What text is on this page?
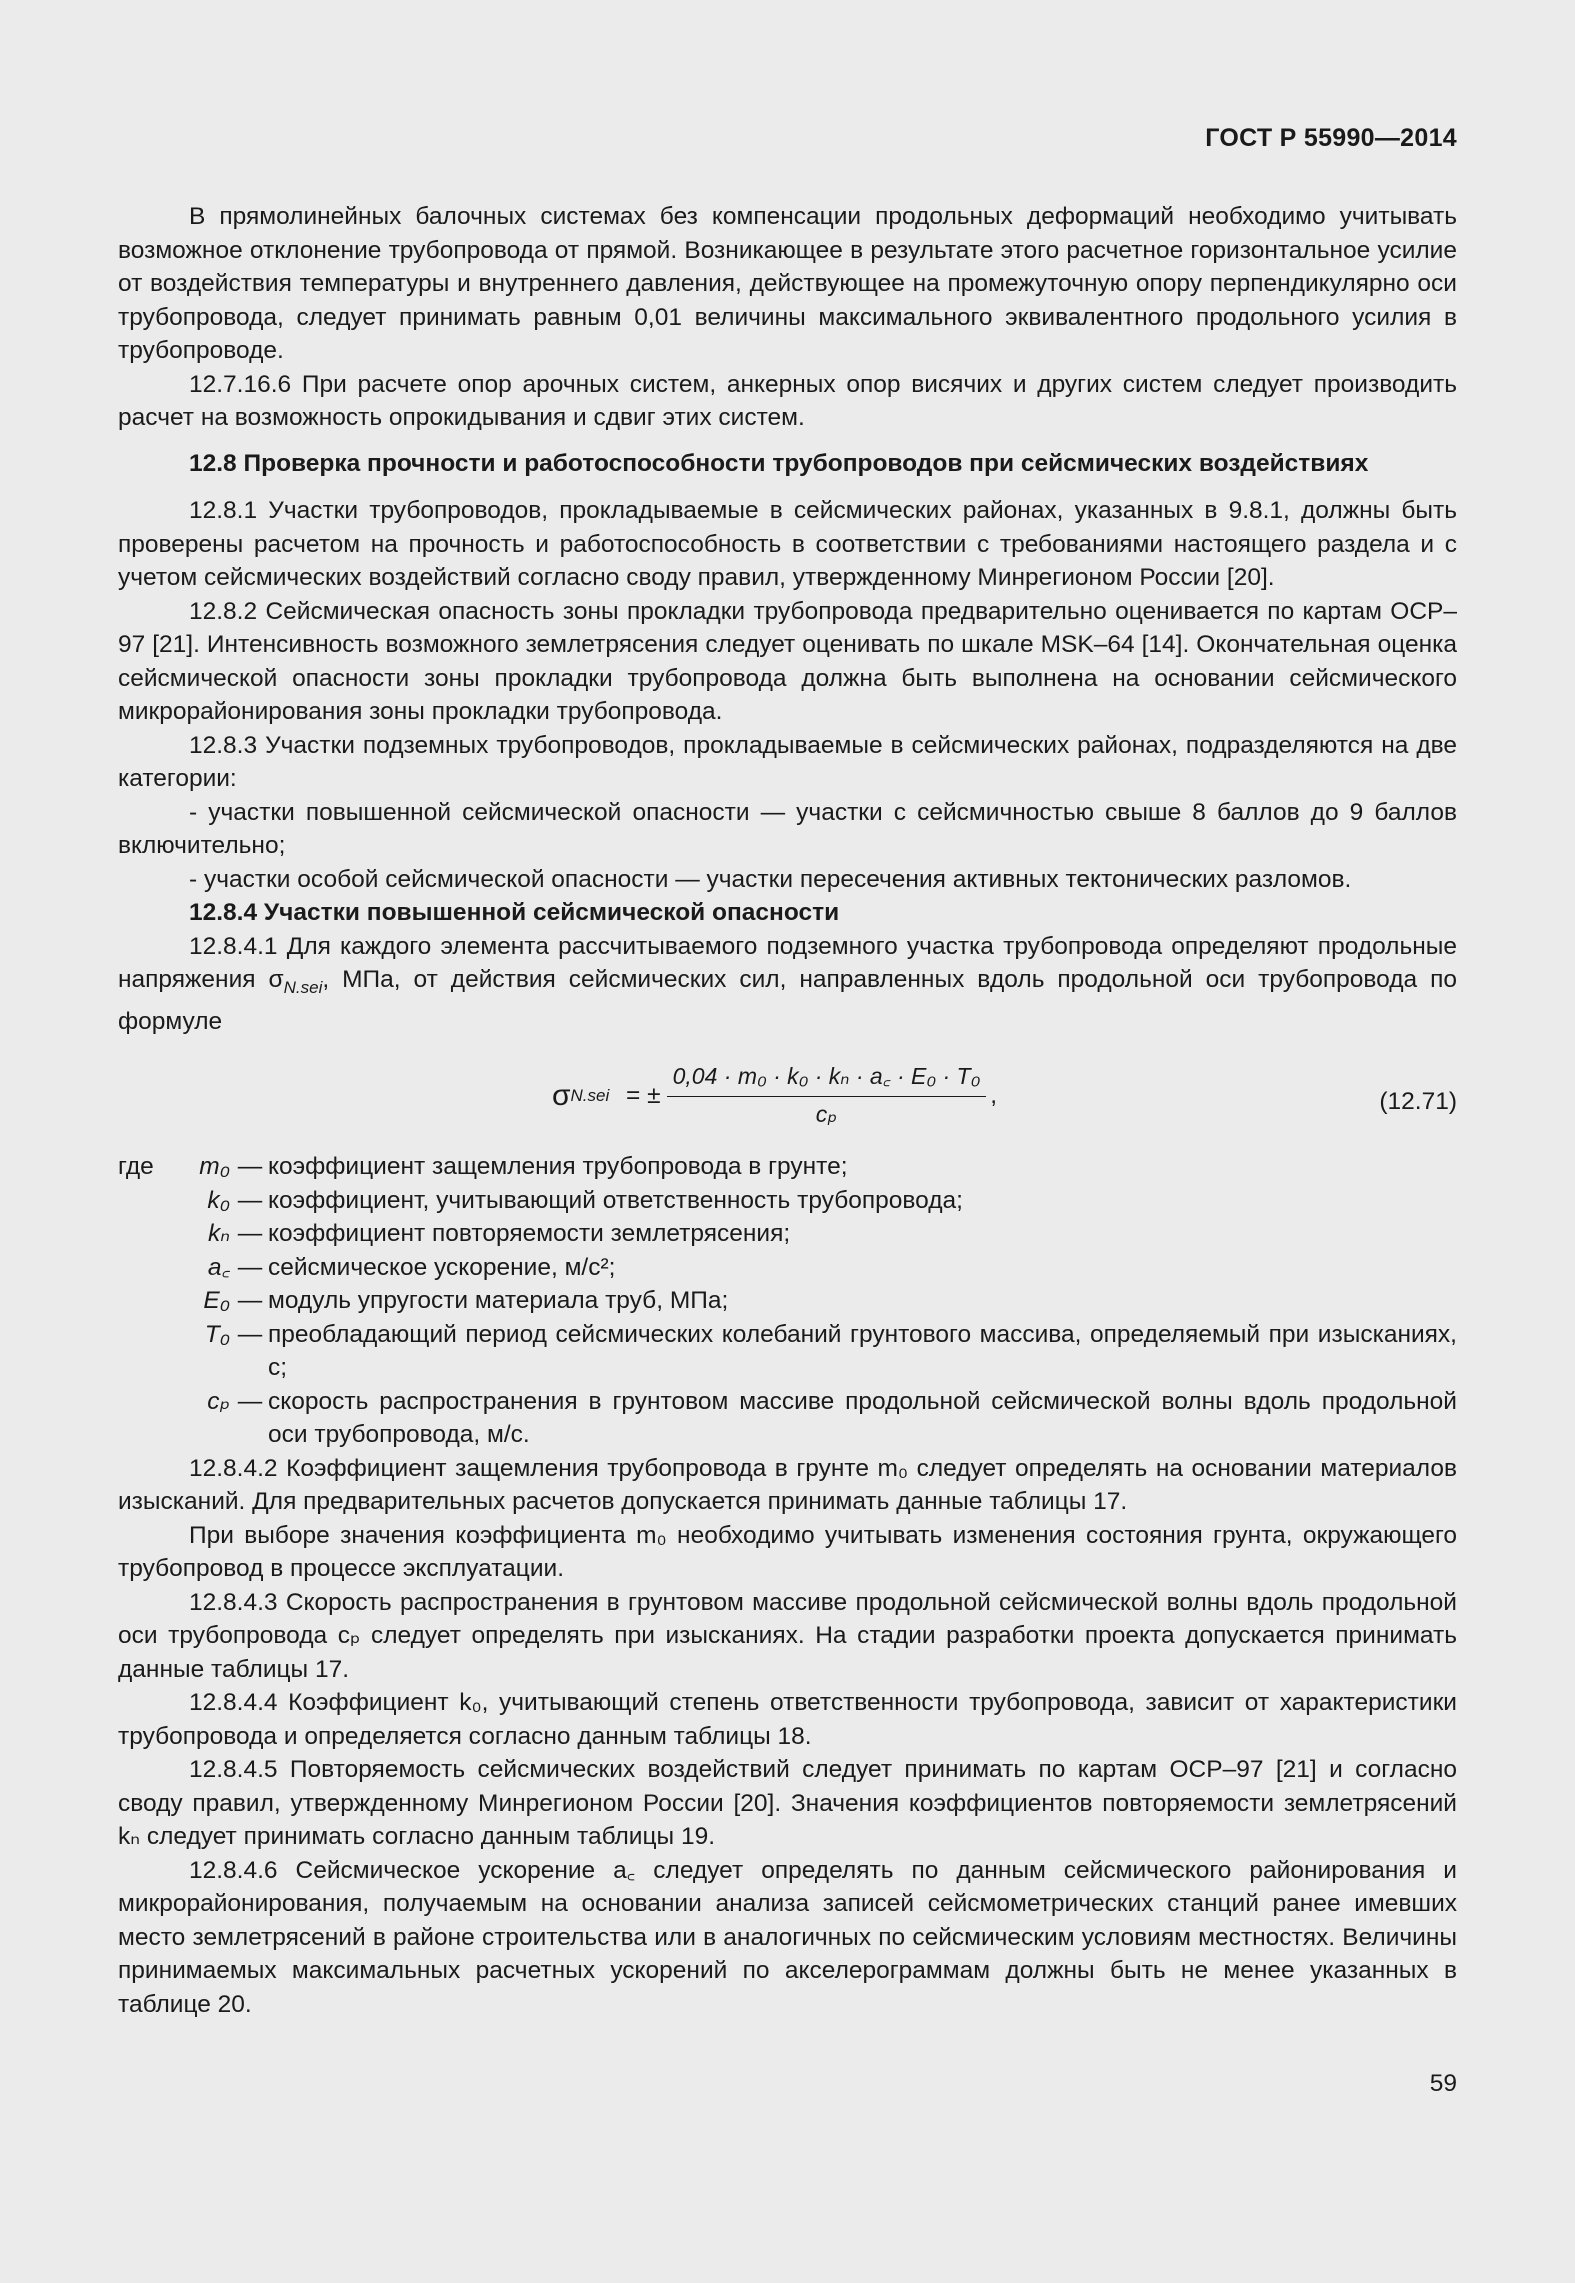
ГОСТ Р 55990—2014

В прямолинейных балочных системах без компенсации продольных деформаций необходимо учитывать возможное отклонение трубопровода от прямой. Возникающее в результате этого расчетное горизонтальное усилие от воздействия температуры и внутреннего давления, действующее на промежуточную опору перпендикулярно оси трубопровода, следует принимать равным 0,01 величины максимального эквивалентного продольного усилия в трубопроводе.

12.7.16.6 При расчете опор арочных систем, анкерных опор висячих и других систем следует производить расчет на возможность опрокидывания и сдвиг этих систем.

12.8 Проверка прочности и работоспособности трубопроводов при сейсмических воздействиях

12.8.1 Участки трубопроводов, прокладываемые в сейсмических районах, указанных в 9.8.1, должны быть проверены расчетом на прочность и работоспособность в соответствии с требованиями настоящего раздела и с учетом сейсмических воздействий согласно своду правил, утвержденному Минрегионом России [20].

12.8.2 Сейсмическая опасность зоны прокладки трубопровода предварительно оценивается по картам ОСР–97 [21]. Интенсивность возможного землетрясения следует оценивать по шкале MSK–64 [14]. Окончательная оценка сейсмической опасности зоны прокладки трубопровода должна быть выполнена на основании сейсмического микрорайонирования зоны прокладки трубопровода.

12.8.3 Участки подземных трубопроводов, прокладываемые в сейсмических районах, подразделяются на две категории:

- участки повышенной сейсмической опасности — участки с сейсмичностью свыше 8 баллов до 9 баллов включительно;

- участки особой сейсмической опасности — участки пересечения активных тектонических разломов.

12.8.4 Участки повышенной сейсмической опасности

12.8.4.1 Для каждого элемента рассчитываемого подземного участка трубопровода определяют продольные напряжения $\sigma_{N.sei}$, МПа, от действия сейсмических сил, направленных вдоль продольной оси трубопровода по формуле

σ N.sei = ± $\frac{\text{0,04 · m₀ · k₀ · kₙ · a꜀ · E₀ · T₀}}{\text{cₚ}}$ ,	(12.71)
где	m₀ — коэффициент защемления трубопровода в грунте;
k₀ — коэффициент, учитывающий ответственность трубопровода;
kₙ — коэффициент повторяемости землетрясения;
a꜀ — сейсмическое ускорение, м/с²;
E₀ — модуль упругости материала труб, МПа;
T₀ — преобладающий период сейсмических колебаний грунтового массива, определяемый при изысканиях, с;
cₚ — скорость распространения в грунтовом массиве продольной сейсмической волны вдоль продольной оси трубопровода, м/с.

12.8.4.2 Коэффициент защемления трубопровода в грунте m₀ следует определять на основании материалов изысканий. Для предварительных расчетов допускается принимать данные таблицы 17.

При выборе значения коэффициента m₀ необходимо учитывать изменения состояния грунта, окружающего трубопровод в процессе эксплуатации.

12.8.4.3 Скорость распространения в грунтовом массиве продольной сейсмической волны вдоль продольной оси трубопровода cₚ следует определять при изысканиях. На стадии разработки проекта допускается принимать данные таблицы 17.

12.8.4.4 Коэффициент k₀, учитывающий степень ответственности трубопровода, зависит от характеристики трубопровода и определяется согласно данным таблицы 18.

12.8.4.5 Повторяемость сейсмических воздействий следует принимать по картам ОСР–97 [21] и согласно своду правил, утвержденному Минрегионом России [20]. Значения коэффициентов повторяемости землетрясений kₙ следует принимать согласно данным таблицы 19.

12.8.4.6 Сейсмическое ускорение a꜀ следует определять по данным сейсмического районирования и микрорайонирования, получаемым на основании анализа записей сейсмометрических станций ранее имевших место землетрясений в районе строительства или в аналогичных по сейсмическим условиям местностях. Величины принимаемых максимальных расчетных ускорений по акселерограммам должны быть не менее указанных в таблице 20.

59
